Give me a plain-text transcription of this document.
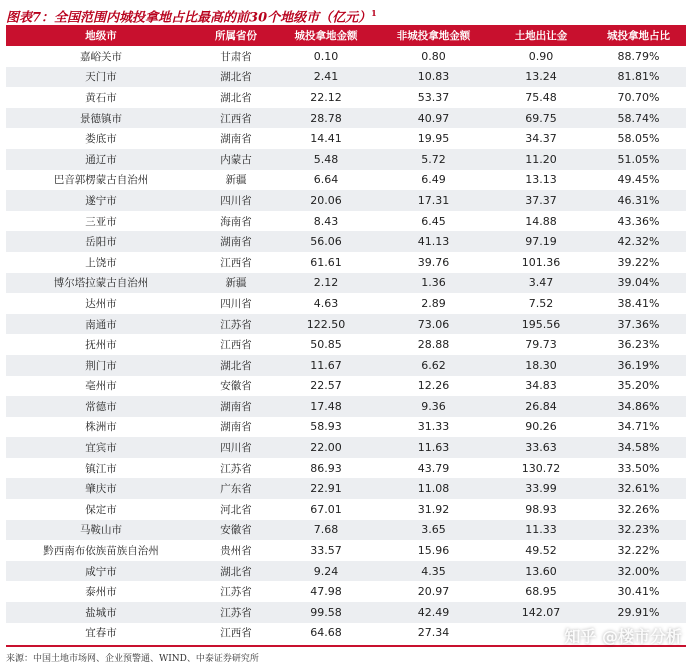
图表7：全国范围内城投拿地占比最高的前30个地级市（亿元）$^1$
地级市	所属省份	城投拿地金额	非城投拿地金额	土地出让金	城投拿地占比
嘉峪关市	甘肃省	0.10	0.80	0.90	88.79%
天门市	湖北省	2.41	10.83	13.24	81.81%
黄石市	湖北省	22.12	53.37	75.48	70.70%
景德镇市	江西省	28.78	40.97	69.75	58.74%
娄底市	湖南省	14.41	19.95	34.37	58.05%
通辽市	内蒙古	5.48	5.72	11.20	51.05%
巴音郭楞蒙古自治州	新疆	6.64	6.49	13.13	49.45%
遂宁市	四川省	20.06	17.31	37.37	46.31%
三亚市	海南省	8.43	6.45	14.88	43.36%
岳阳市	湖南省	56.06	41.13	97.19	42.32%
上饶市	江西省	61.61	39.76	101.36	39.22%
博尔塔拉蒙古自治州	新疆	2.12	1.36	3.47	39.04%
达州市	四川省	4.63	2.89	7.52	38.41%
南通市	江苏省	122.50	73.06	195.56	37.36%
抚州市	江西省	50.85	28.88	79.73	36.23%
荆门市	湖北省	11.67	6.62	18.30	36.19%
亳州市	安徽省	22.57	12.26	34.83	35.20%
常德市	湖南省	17.48	9.36	26.84	34.86%
株洲市	湖南省	58.93	31.33	90.26	34.71%
宜宾市	四川省	22.00	11.63	33.63	34.58%
镇江市	江苏省	86.93	43.79	130.72	33.50%
肇庆市	广东省	22.91	11.08	33.99	32.61%
保定市	河北省	67.01	31.92	98.93	32.26%
马鞍山市	安徽省	7.68	3.65	11.33	32.23%
黔西南布依族苗族自治州	贵州省	33.57	15.96	49.52	32.22%
咸宁市	湖北省	9.24	4.35	13.60	32.00%
泰州市	江苏省	47.98	20.97	68.95	30.41%
盐城市	江苏省	99.58	42.49	142.07	29.91%
宜春市	江西省	64.68	27.34
来源：中国土地市场网、企业预警通、WIND、中泰证券研究所
知乎 @楼市分析
